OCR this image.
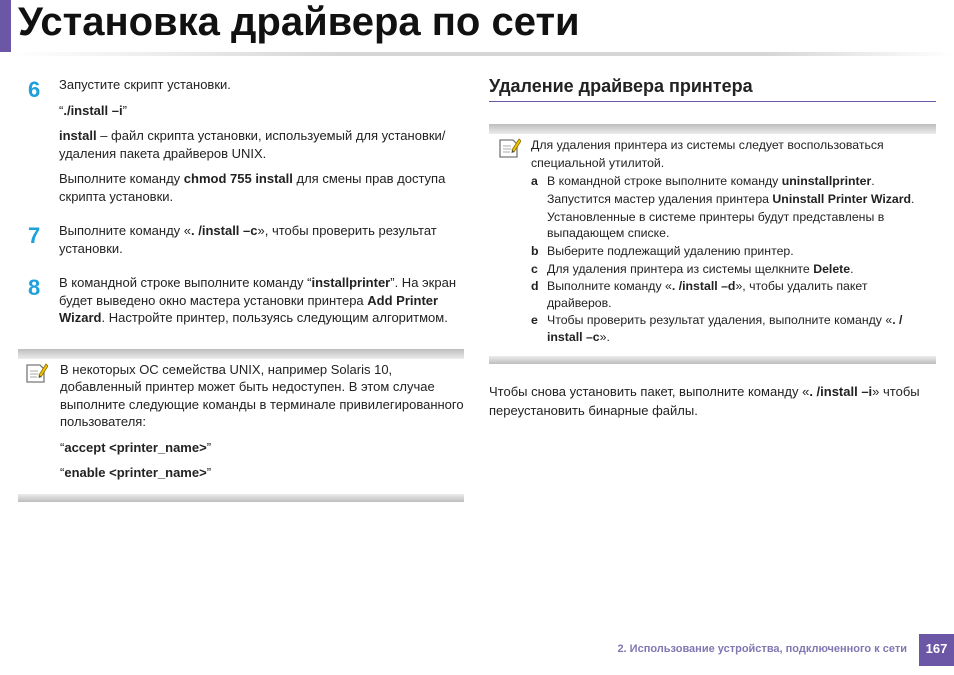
Установка драйвера по сети
6 Запустите скрипт установки.

“./install –i”

install – файл скрипта установки, используемый для установки/удаления пакета драйверов UNIX.

Выполните команду chmod 755 install для смены прав доступа скрипта установки.

7 Выполните команду «. /install –c», чтобы проверить результат установки.

8 В командной строке выполните команду “installprinter”. На экран будет выведено окно мастера установки принтера Add Printer Wizard. Настройте принтер, пользуясь следующим алгоритмом.

В некоторых ОС семейства UNIX, например Solaris 10, добавленный принтер может быть недоступен. В этом случае выполните следующие команды в терминале привилегированного пользователя:

“accept <printer_name>”

“enable <printer_name>”

Удаление драйвера принтера

Для удаления принтера из системы следует воспользоваться специальной утилитой.

a В командной строке выполните команду uninstallprinter.
Запустится мастер удаления принтера Uninstall Printer Wizard.
Установленные в системе принтеры будут представлены в выпадающем списке.
b Выберите подлежащий удалению принтер.
c Для удаления принтера из системы щелкните Delete.
d Выполните команду «. /install –d», чтобы удалить пакет драйверов.
e Чтобы проверить результат удаления, выполните команду «. / install –c».

Чтобы снова установить пакет, выполните команду «. /install –i» чтобы переустановить бинарные файлы.

2. Использование устройства, подключенного к сети	167
